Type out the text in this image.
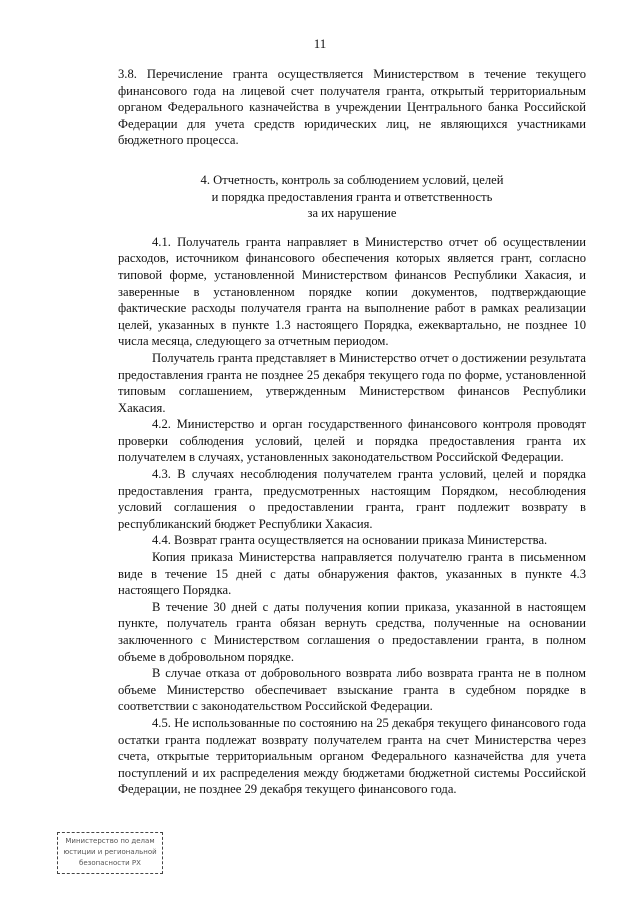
11

3.8. Перечисление гранта осуществляется Министерством в течение текущего финансового года на лицевой счет получателя гранта, открытый территориальным органом Федерального казначейства в учреждении Центрального банка Российской Федерации для учета средств юридических лиц, не являющихся участниками бюджетного процесса.

4. Отчетность, контроль за соблюдением условий, целей
и порядка предоставления гранта и ответственность
за их нарушение

4.1. Получатель гранта направляет в Министерство отчет об осуществлении расходов, источником финансового обеспечения которых является грант, согласно типовой форме, установленной Министерством финансов Республики Хакасия, и заверенные в установленном порядке копии документов, подтверждающие фактические расходы получателя гранта на выполнение работ в рамках реализации целей, указанных в пункте 1.3 настоящего Порядка, ежеквартально, не позднее 10 числа месяца, следующего за отчетным периодом.

Получатель гранта представляет в Министерство отчет о достижении результата предоставления гранта не позднее 25 декабря текущего года по форме, установленной типовым соглашением, утвержденным Министерством финансов Республики Хакасия.

4.2. Министерство и орган государственного финансового контроля проводят проверки соблюдения условий, целей и порядка предоставления гранта их получателем в случаях, установленных законодательством Российской Федерации.

4.3. В случаях несоблюдения получателем гранта условий, целей и порядка предоставления гранта, предусмотренных настоящим Порядком, несоблюдения условий соглашения о предоставлении гранта, грант подлежит возврату в республиканский бюджет Республики Хакасия.

4.4. Возврат гранта осуществляется на основании приказа Министерства.

Копия приказа Министерства направляется получателю гранта в письменном виде в течение 15 дней с даты обнаружения фактов, указанных в пункте 4.3 настоящего Порядка.

В течение 30 дней с даты получения копии приказа, указанной в настоящем пункте, получатель гранта обязан вернуть средства, полученные на основании заключенного с Министерством соглашения о предоставлении гранта, в полном объеме в добровольном порядке.

В случае отказа от добровольного возврата либо возврата гранта не в полном объеме Министерство обеспечивает взыскание гранта в судебном порядке в соответствии с законодательством Российской Федерации.

4.5. Не использованные по состоянию на 25 декабря текущего финансового года остатки гранта подлежат возврату получателем гранта на счет Министерства через счета, открытые территориальным органом Федерального казначейства для учета поступлений и их распределения между бюджетами бюджетной системы Российской Федерации, не позднее 29 декабря текущего финансового года.

Министерство по делам
юстиции и региональной
безопасности РХ
